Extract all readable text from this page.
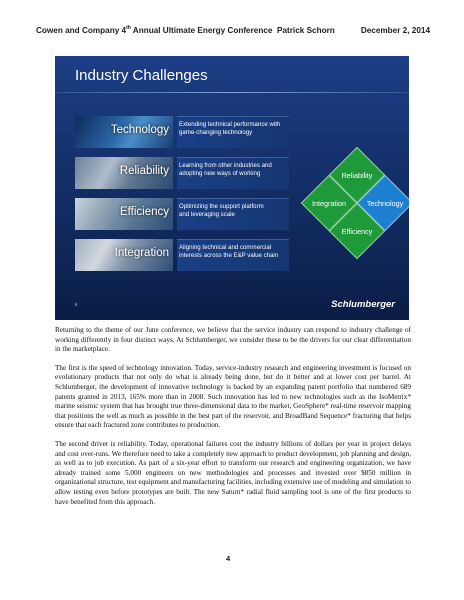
Cowen and Company 4th Annual Ultimate Energy Conference Patrick Schorn	December 2, 2014
Industry Challenges
Technology Extending technical performance with
game-changing technology
Reliability Learning from other industries and
adopting new ways of working
Efficiency Optimizing the support platform
and leveraging scale
Integration Aligning technical and commercial
interests across the E&P value chain
Reliability
Integration	Technology
Efficiency
6	Schlumberger

Returning to the theme of our June conference, we believe that the service industry can respond to industry challenge of working differently in four distinct ways. At Schlumberger, we consider these to be the drivers for our clear differentiation in the marketplace.

The first is the speed of technology innovation. Today, service-industry research and engineering investment is focused on evolutionary products that not only do what is already being done, but do it better and at lower cost per barrel. At Schlumberger, the development of innovative technology is backed by an expanding patent portfolio that numbered 689 patents granted in 2013, 165% more than in 2008. Such innovation has led to new technologies such as the IsoMetrix* marine seismic system that has brought true three-dimensional data to the market, GeoSphere* real-time reservoir mapping that positions the well as much as possible in the best part of the reservoir, and BroadBand Sequence* fracturing that helps ensure that each fractured zone contributes to production.

The second driver is reliability. Today, operational failures cost the industry billions of dollars per year in project delays and cost over-runs. We therefore need to take a completely new approach to product development, job planning and design, as well as to job execution. As part of a six-year effort to transform our research and engineering organization, we have already trained some 5,000 engineers on new methodologies and processes and invested over $850 million in organizational structure, test equipment and manufacturing facilities, including extensive use of modeling and simulation to allow testing even before prototypes are built. The new Saturn* radial fluid sampling tool is one of the first products to have benefited from this approach.

4
